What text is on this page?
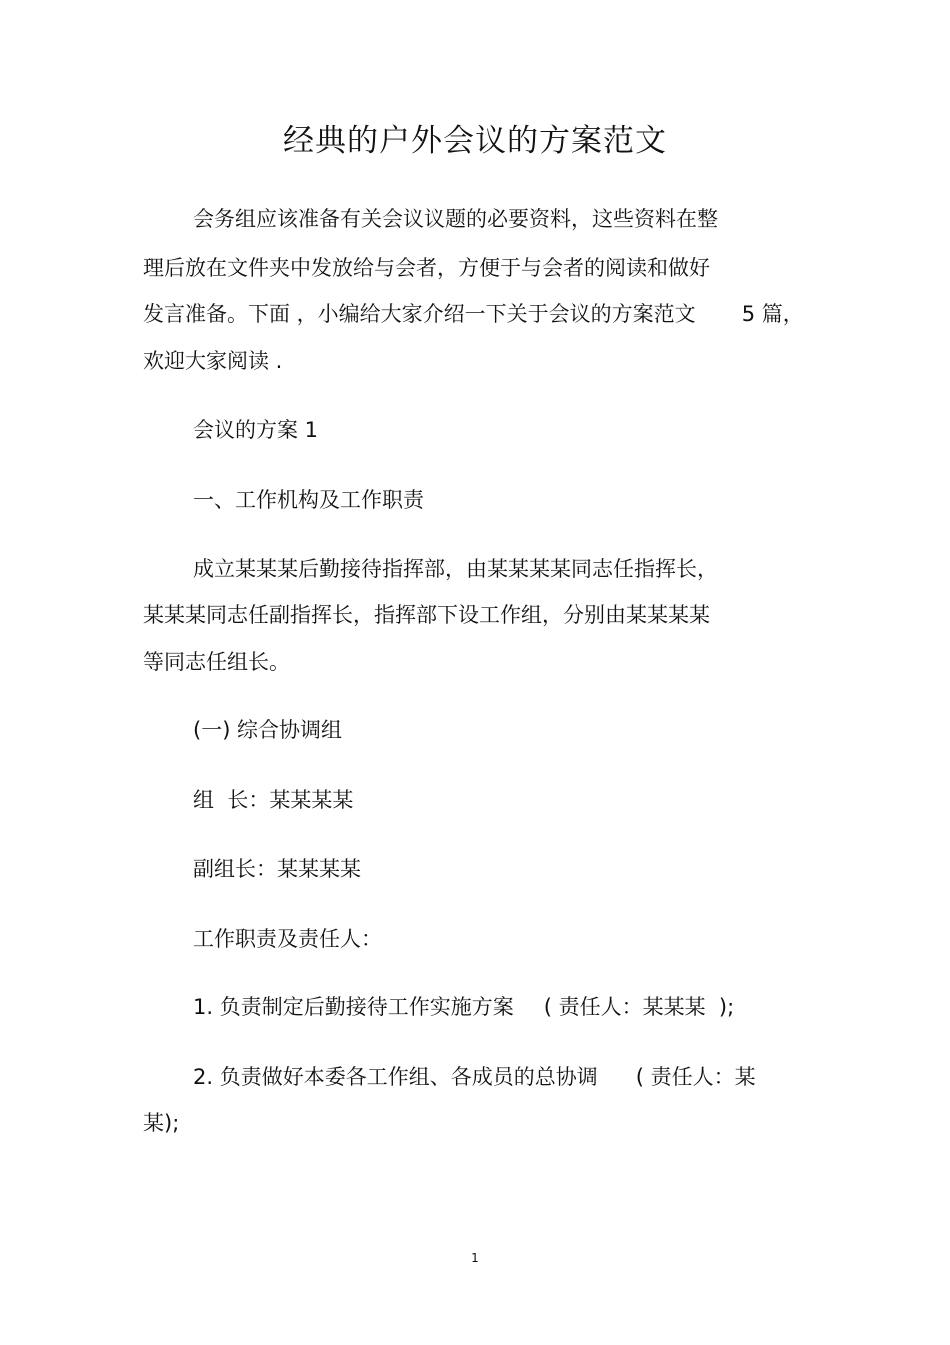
经典的户外会议的方案范文
会务组应该准备有关会议议题的必要资料，这些资料在整
理后放在文件夹中发放给与会者，方便于与会者的阅读和做好
发言准备。下面 ，小编给大家介绍一下关于会议的方案范文 5 篇，
欢迎大家阅读 .
会议的方案 1
一、工作机构及工作职责
成立某某某后勤接待指挥部，由某某某某同志任指挥长，
某某某同志任副指挥长，指挥部下设工作组，分别由某某某某
等同志任组长。
(一) 综合协调组
组  长：某某某某
副组长：某某某某
工作职责及责任人：
1. 负责制定后勤接待工作实施方案 ( 责任人：某某某  );
2. 负责做好本委各工作组、各成员的总协调 ( 责任人：某
某);
1
